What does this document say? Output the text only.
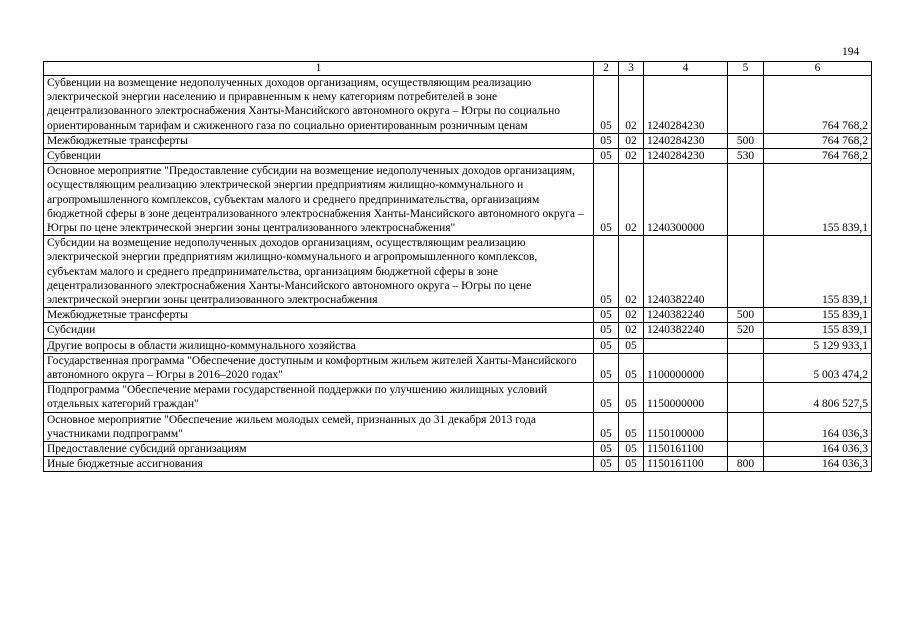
194
1	2	3	4	5	6
Субвенции на возмещение недополученных доходов организациям, осуществляющим реализацию электрической энергии населению и приравненным к нему категориям потребителей в зоне децентрализованного электроснабжения Ханты-Мансийского автономного округа – Югры по социально ориентированным тарифам и сжиженного газа по социально ориентированным розничным ценам	05	02	1240284230		764 768,2
Межбюджетные трансферты	05	02	1240284230	500	764 768,2
Субвенции	05	02	1240284230	530	764 768,2
Основное мероприятие "Предоставление субсидии на возмещение недополученных доходов организациям, осуществляющим реализацию электрической энергии предприятиям жилищно-коммунального и агропромышленного комплексов, субъектам малого и среднего предпринимательства, организациям бюджетной сферы в зоне децентрализованного электроснабжения Ханты-Мансийского автономного округа – Югры по цене электрической энергии зоны централизованного электроснабжения"	05	02	1240300000		155 839,1
Субсидии на возмещение недополученных доходов организациям, осуществляющим реализацию электрической энергии предприятиям жилищно-коммунального и агропромышленного комплексов, субъектам малого и среднего предпринимательства, организациям бюджетной сферы в зоне децентрализованного электроснабжения Ханты-Мансийского автономного округа – Югры по цене электрической энергии зоны централизованного электроснабжения	05	02	1240382240		155 839,1
Межбюджетные трансферты	05	02	1240382240	500	155 839,1
Субсидии	05	02	1240382240	520	155 839,1
Другие вопросы в области жилищно-коммунального хозяйства	05	05			5 129 933,1
Государственная программа "Обеспечение доступным и комфортным жильем жителей Ханты-Мансийского автономного округа – Югры в 2016–2020 годах"	05	05	1100000000		5 003 474,2
Подпрограмма "Обеспечение мерами государственной поддержки по улучшению жилищных условий отдельных категорий граждан"	05	05	1150000000		4 806 527,5
Основное мероприятие "Обеспечение жильем молодых семей, признанных до 31 декабря 2013 года участниками подпрограмм"	05	05	1150100000		164 036,3
Предоставление субсидий организациям	05	05	1150161100		164 036,3
Иные бюджетные ассигнования	05	05	1150161100	800	164 036,3
